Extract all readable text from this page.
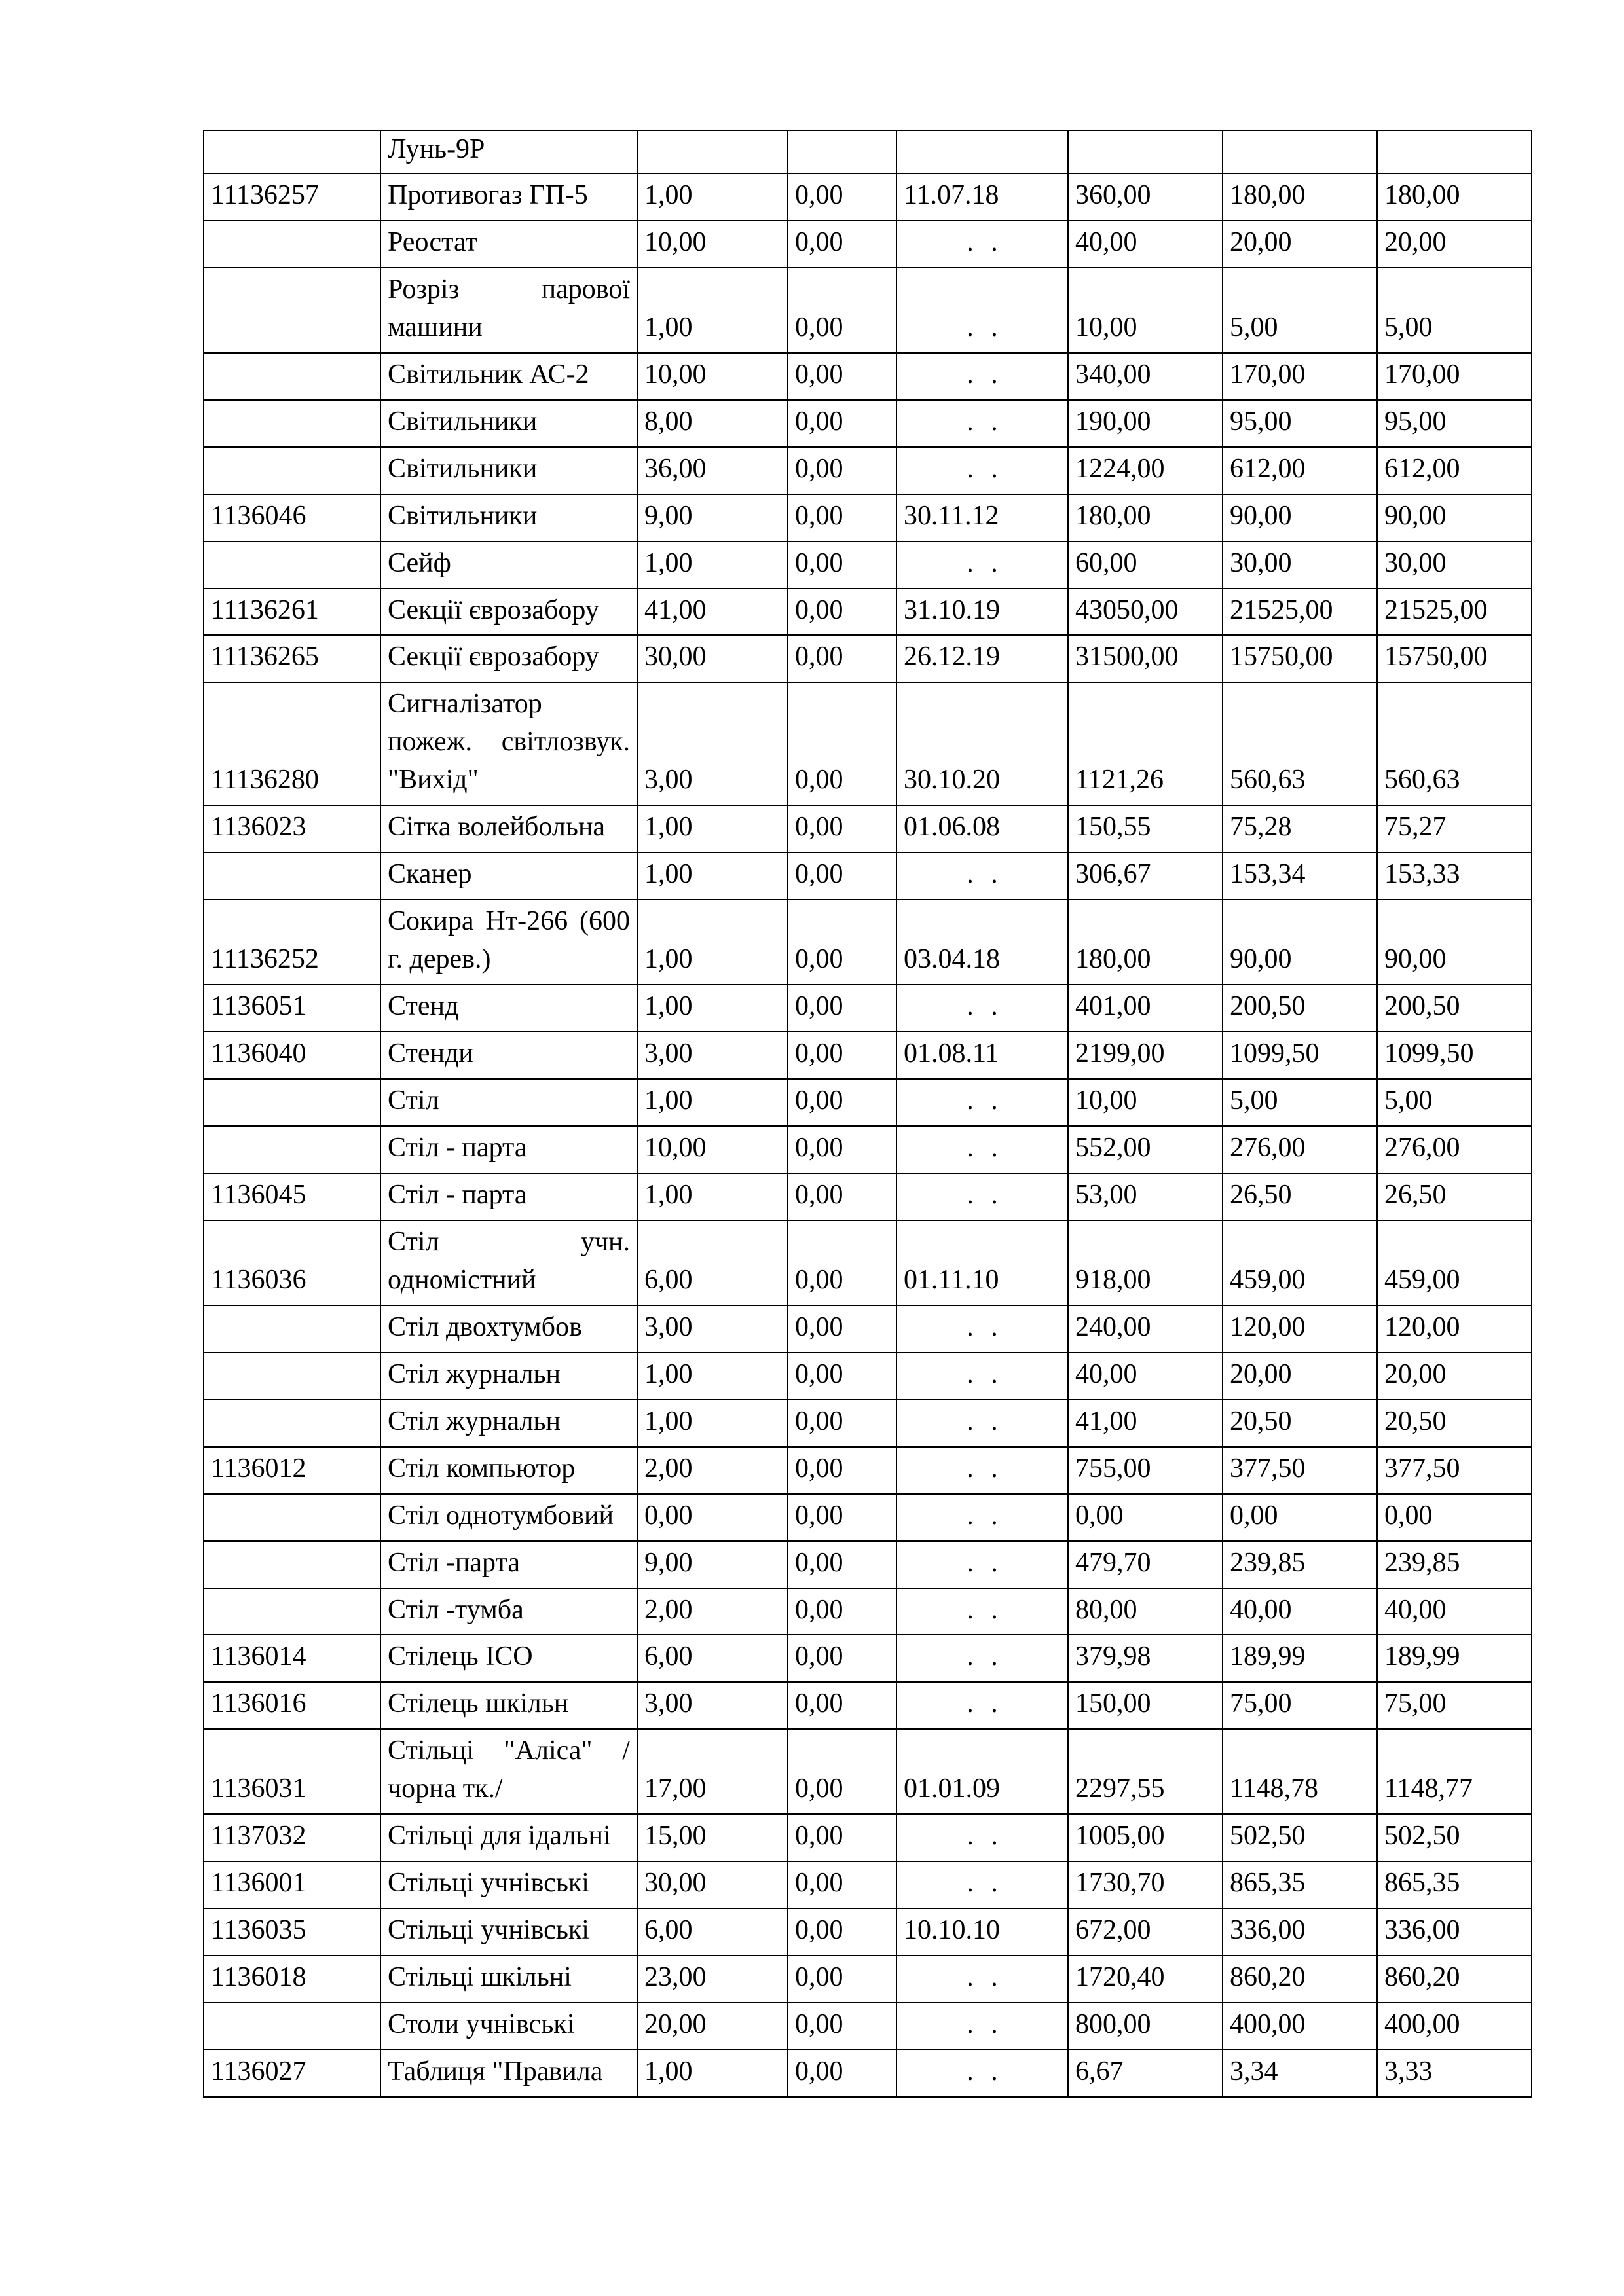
	Лунь-9Р						
11136257	Противогаз ГП-5	1,00	0,00	11.07.18	360,00	180,00	180,00
	Реостат	10,00	0,00	. .	40,00	20,00	20,00
	Розріз парової машини	1,00	0,00	. .	10,00	5,00	5,00
	Світильник АС-2	10,00	0,00	. .	340,00	170,00	170,00
	Світильники	8,00	0,00	. .	190,00	95,00	95,00
	Світильники	36,00	0,00	. .	1224,00	612,00	612,00
1136046	Світильники	9,00	0,00	30.11.12	180,00	90,00	90,00
	Сейф	1,00	0,00	. .	60,00	30,00	30,00
11136261	Секції єврозабору	41,00	0,00	31.10.19	43050,00	21525,00	21525,00
11136265	Секції єврозабору	30,00	0,00	26.12.19	31500,00	15750,00	15750,00
11136280	Сигналізатор пожеж. світлозвук. "Вихід"	3,00	0,00	30.10.20	1121,26	560,63	560,63
1136023	Сітка волейбольна	1,00	0,00	01.06.08	150,55	75,28	75,27
	Сканер	1,00	0,00	. .	306,67	153,34	153,33
11136252	Сокира Нт-266 (600 г. дерев.)	1,00	0,00	03.04.18	180,00	90,00	90,00
1136051	Стенд	1,00	0,00	. .	401,00	200,50	200,50
1136040	Стенди	3,00	0,00	01.08.11	2199,00	1099,50	1099,50
	Стіл	1,00	0,00	. .	10,00	5,00	5,00
	Стіл - парта	10,00	0,00	. .	552,00	276,00	276,00
1136045	Стіл - парта	1,00	0,00	. .	53,00	26,50	26,50
1136036	Стіл учн. одномістний	6,00	0,00	01.11.10	918,00	459,00	459,00
	Стіл двохтумбов	3,00	0,00	. .	240,00	120,00	120,00
	Стіл журнальн	1,00	0,00	. .	40,00	20,00	20,00
	Стіл журнальн	1,00	0,00	. .	41,00	20,50	20,50
1136012	Стіл компьютор	2,00	0,00	. .	755,00	377,50	377,50
	Стіл однотумбовий	0,00	0,00	. .	0,00	0,00	0,00
	Стіл -парта	9,00	0,00	. .	479,70	239,85	239,85
	Стіл -тумба	2,00	0,00	. .	80,00	40,00	40,00
1136014	Стілець ІСО	6,00	0,00	. .	379,98	189,99	189,99
1136016	Стілець шкільн	3,00	0,00	. .	150,00	75,00	75,00
1136031	Стільці "Аліса" / чорна тк./	17,00	0,00	01.01.09	2297,55	1148,78	1148,77
1137032	Стільці для ідальні	15,00	0,00	. .	1005,00	502,50	502,50
1136001	Стільці учнівські	30,00	0,00	. .	1730,70	865,35	865,35
1136035	Стільці учнівські	6,00	0,00	10.10.10	672,00	336,00	336,00
1136018	Стільці шкільні	23,00	0,00	. .	1720,40	860,20	860,20
	Столи учнівські	20,00	0,00	. .	800,00	400,00	400,00
1136027	Таблиця "Правила	1,00	0,00	. .	6,67	3,34	3,33
